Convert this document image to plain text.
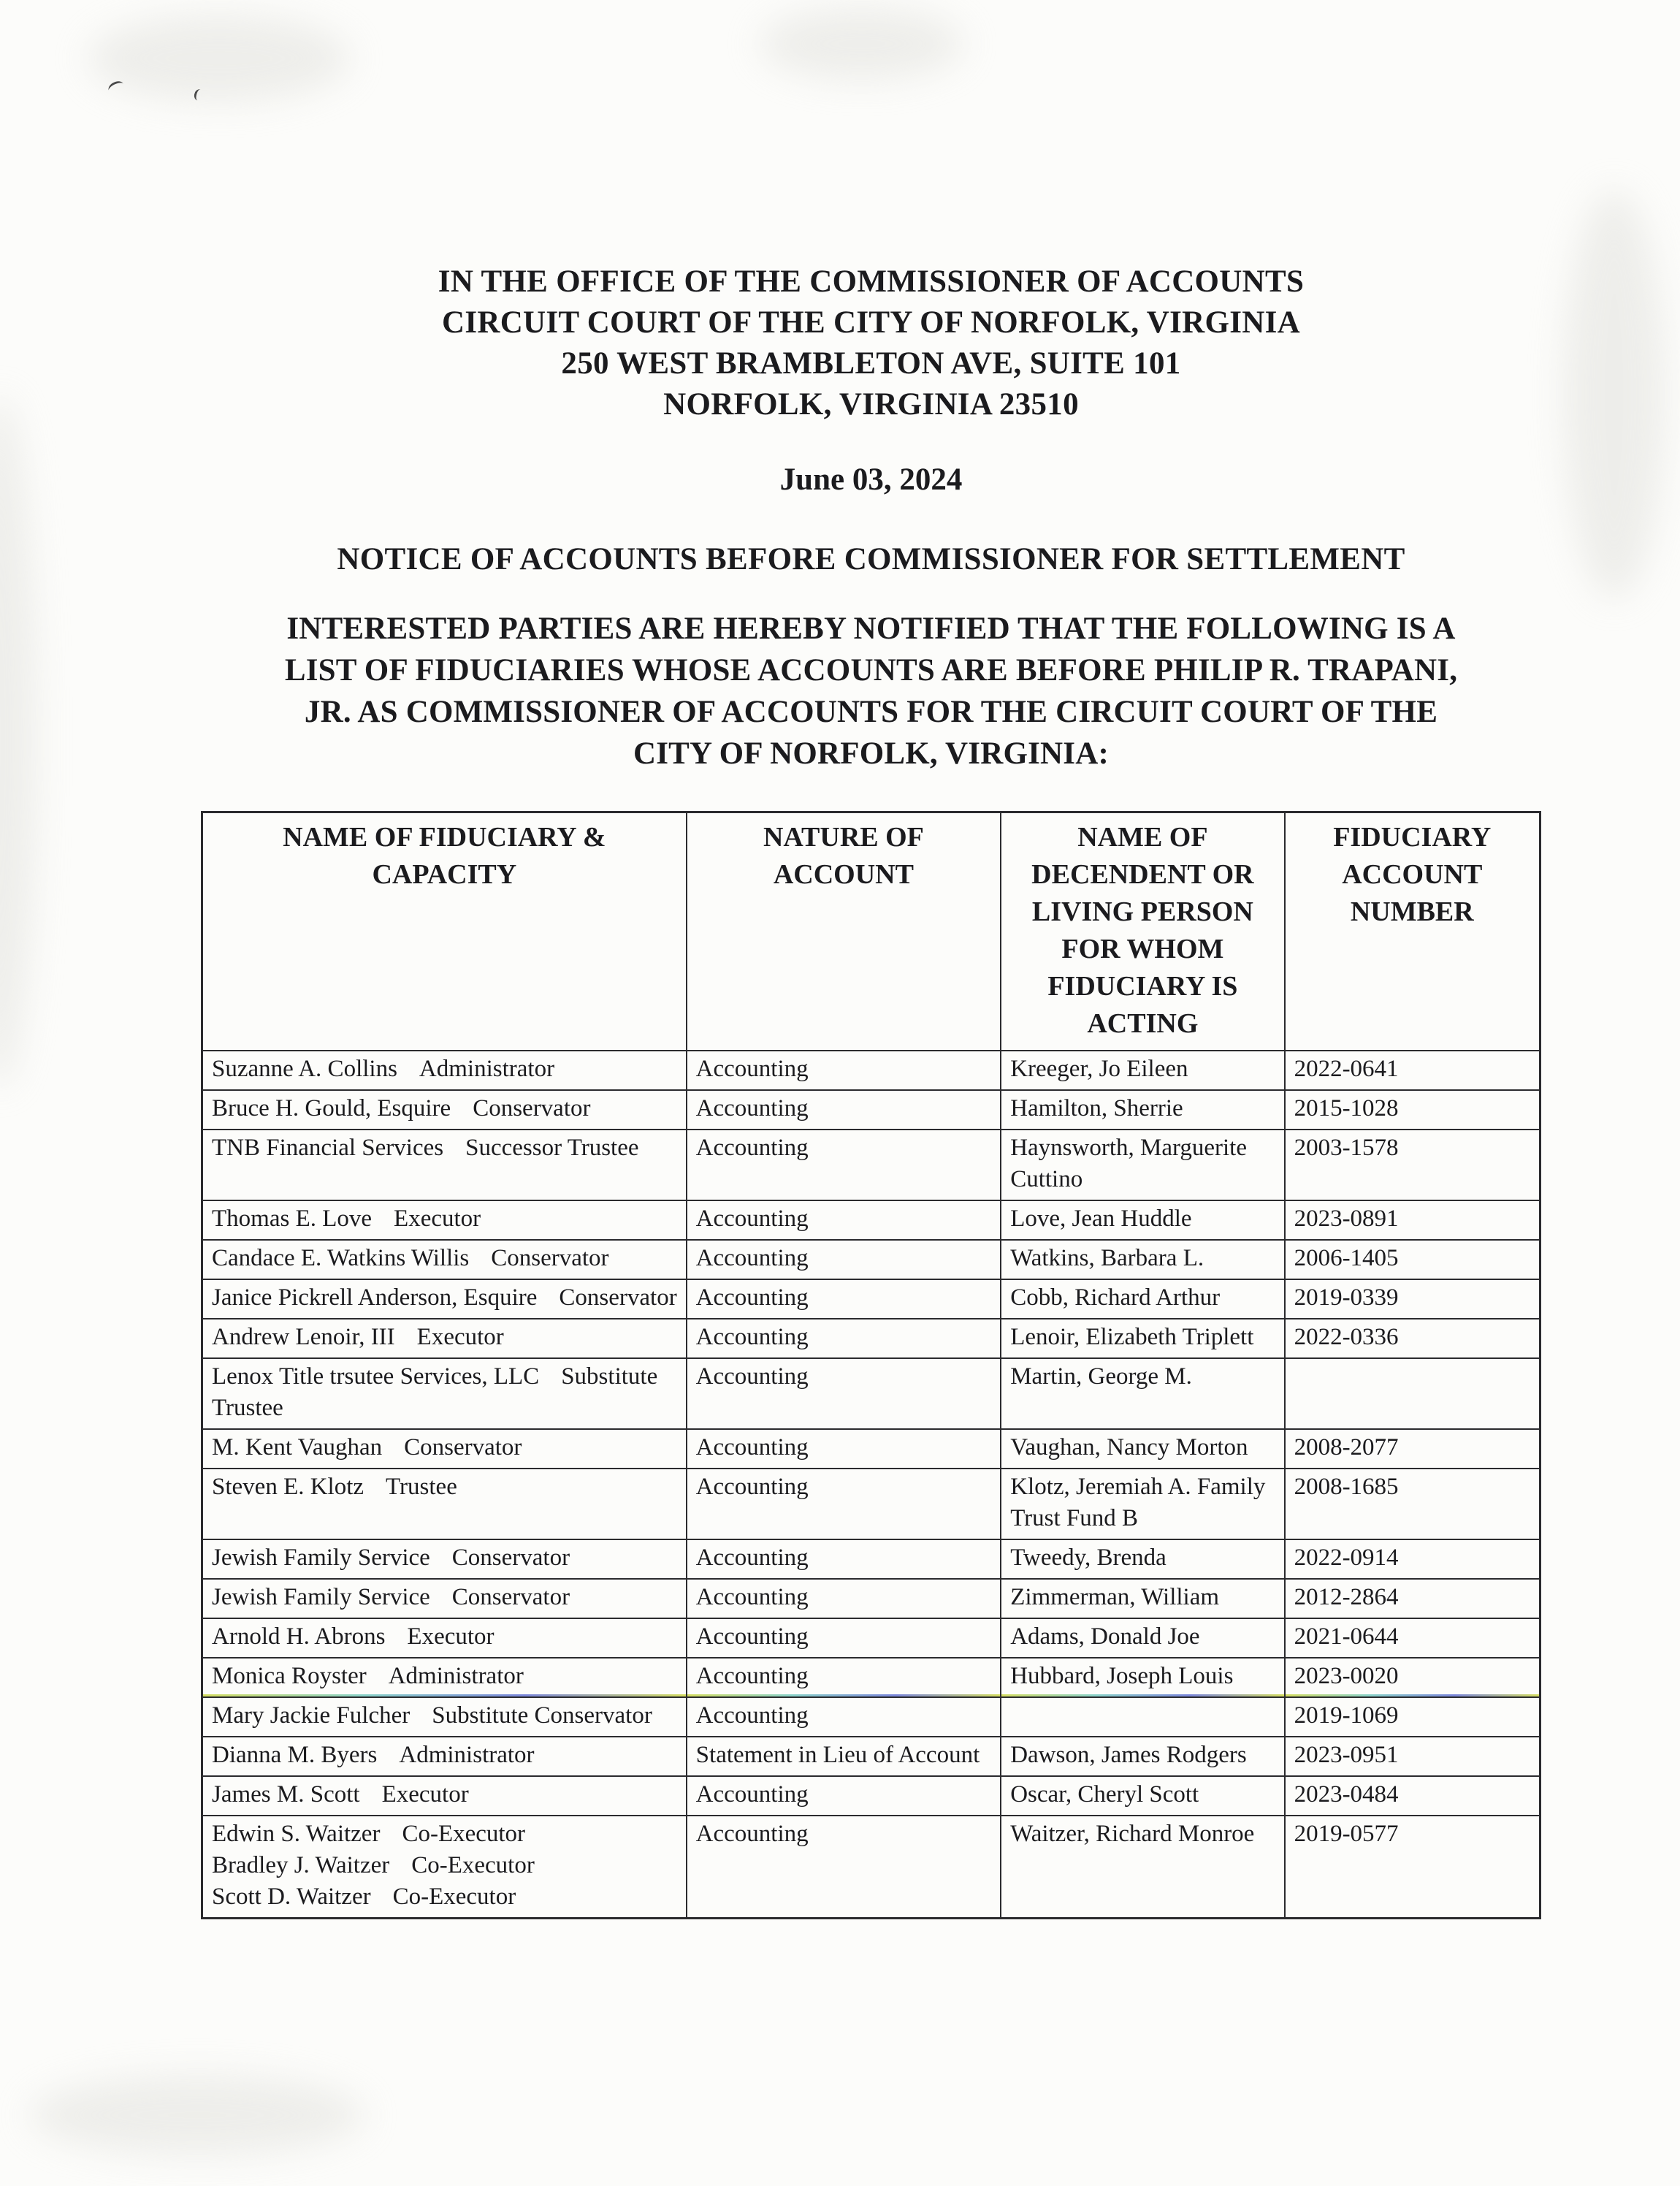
IN THE OFFICE OF THE COMMISSIONER OF ACCOUNTS
CIRCUIT COURT OF THE CITY OF NORFOLK, VIRGINIA
250 WEST BRAMBLETON AVE, SUITE 101
NORFOLK, VIRGINIA 23510
June 03, 2024
NOTICE OF ACCOUNTS BEFORE COMMISSIONER FOR SETTLEMENT
INTERESTED PARTIES ARE HEREBY NOTIFIED THAT THE FOLLOWING IS A LIST OF FIDUCIARIES WHOSE ACCOUNTS ARE BEFORE PHILIP R. TRAPANI, JR. AS COMMISSIONER OF ACCOUNTS FOR THE CIRCUIT COURT OF THE CITY OF NORFOLK, VIRGINIA:
NAME OF FIDUCIARY & CAPACITY	NATURE OF ACCOUNT	NAME OF DECENDENT OR LIVING PERSON FOR WHOM FIDUCIARY IS ACTING	FIDUCIARY ACCOUNT NUMBER

Suzanne A. Collins Administrator	Accounting	Kreeger, Jo Eileen	2022-0641

Bruce H. Gould, Esquire Conservator	Accounting	Hamilton, Sherrie	2015-1028

TNB Financial Services Successor Trustee	Accounting	Haynsworth, Marguerite Cuttino	2003-1578

Thomas E. Love Executor	Accounting	Love, Jean Huddle	2023-0891

Candace E. Watkins Willis Conservator	Accounting	Watkins, Barbara L.	2006-1405

Janice Pickrell Anderson, Esquire Conservator	Accounting	Cobb, Richard Arthur	2019-0339

Andrew Lenoir, III Executor	Accounting	Lenoir, Elizabeth Triplett	2022-0336

Lenox Title trsutee Services, LLC Substitute Trustee	Accounting	Martin, George M.	

M. Kent Vaughan Conservator	Accounting	Vaughan, Nancy Morton	2008-2077

Steven E. Klotz Trustee	Accounting	Klotz, Jeremiah A. Family Trust Fund B	2008-1685

Jewish Family Service Conservator	Accounting	Tweedy, Brenda	2022-0914

Jewish Family Service Conservator	Accounting	Zimmerman, William	2012-2864

Arnold H. Abrons Executor	Accounting	Adams, Donald Joe	2021-0644

Monica Royster Administrator	Accounting	Hubbard, Joseph Louis	2023-0020

Mary Jackie Fulcher Substitute Conservator	Accounting		2019-1069

Dianna M. Byers Administrator	Statement in Lieu of Account	Dawson, James Rodgers	2023-0951

James M. Scott Executor	Accounting	Oscar, Cheryl Scott	2023-0484

Edwin S. Waitzer Co-Executor
Bradley J. Waitzer Co-Executor
Scott D. Waitzer Co-Executor	Accounting	Waitzer, Richard Monroe	2019-0577
